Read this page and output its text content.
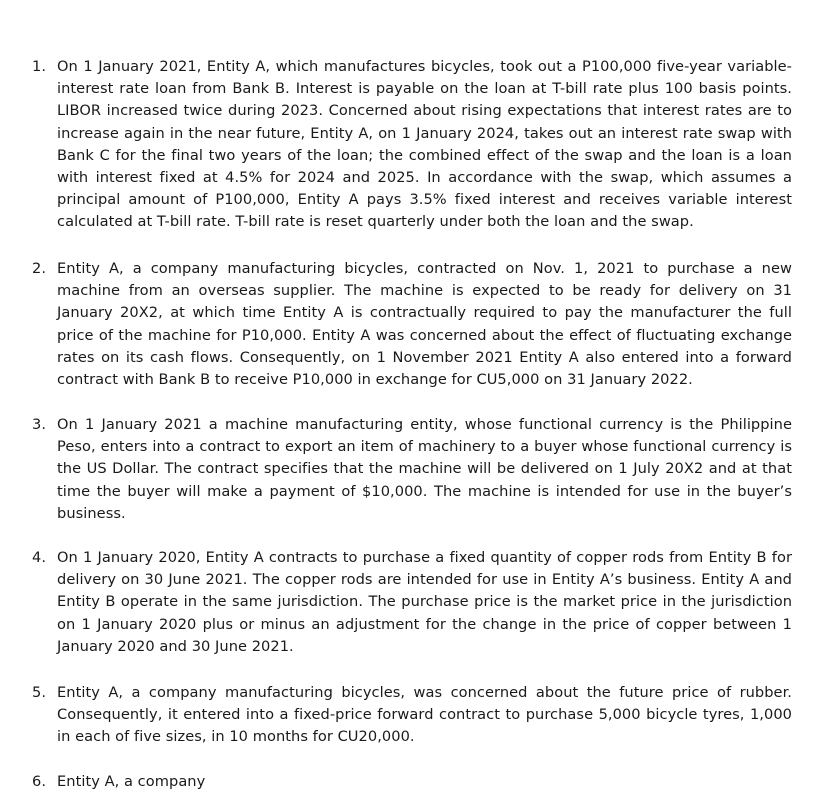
1. On 1 January 2021, Entity A, which manufactures bicycles, took out a P100,000 five-year variable-interest rate loan from Bank B. Interest is payable on the loan at T-bill rate plus 100 basis points. LIBOR increased twice during 2023. Concerned about rising expectations that interest rates are to increase again in the near future, Entity A, on 1 January 2024, takes out an interest rate swap with Bank C for the final two years of the loan; the combined effect of the swap and the loan is a loan with interest fixed at 4.5% for 2024 and 2025. In accordance with the swap, which assumes a principal amount of P100,000, Entity A pays 3.5% fixed interest and receives variable interest calculated at T-bill rate. T-bill rate is reset quarterly under both the loan and the swap.
2. Entity A, a company manufacturing bicycles, contracted on Nov. 1, 2021 to purchase a new machine from an overseas supplier. The machine is expected to be ready for delivery on 31 January 20X2, at which time Entity A is contractually required to pay the manufacturer the full price of the machine for P10,000. Entity A was concerned about the effect of fluctuating exchange rates on its cash flows. Consequently, on 1 November 2021 Entity A also entered into a forward contract with Bank B to receive P10,000 in exchange for CU5,000 on 31 January 2022.
3. On 1 January 2021 a machine manufacturing entity, whose functional currency is the Philippine Peso, enters into a contract to export an item of machinery to a buyer whose functional currency is the US Dollar. The contract specifies that the machine will be delivered on 1 July 20X2 and at that time the buyer will make a payment of $10,000. The machine is intended for use in the buyer’s business.
4. On 1 January 2020, Entity A contracts to purchase a fixed quantity of copper rods from Entity B for delivery on 30 June 2021. The copper rods are intended for use in Entity A’s business. Entity A and Entity B operate in the same jurisdiction. The purchase price is the market price in the jurisdiction on 1 January 2020 plus or minus an adjustment for the change in the price of copper between 1 January 2020 and 30 June 2021.
5. Entity A, a company manufacturing bicycles, was concerned about the future price of rubber. Consequently, it entered into a fixed-price forward contract to purchase 5,000 bicycle tyres, 1,000 in each of five sizes, in 10 months for CU20,000.
6. Entity A, a company
